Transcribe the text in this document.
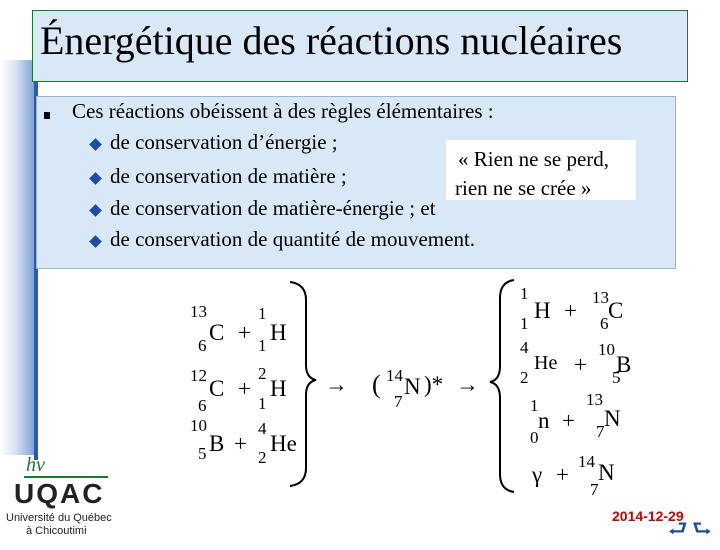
Énergétique des réactions nucléaires
Ces réactions obéissent à des règles élémentaires :
de conservation d’énergie ;
de conservation de matière ;
de conservation de matière-énergie ; et
de conservation de quantité de mouvement.
« Rien ne se perd,
rien ne se crée »
13
6
C +
1
1
H
12
6
C +
2
1
H
10
5 B +
4
2
He
→ ( 14
7
N )* →
1
1
H +
13
6
C
4
2
He +
10
5
B
1
0
n +
13
7
N
γ +
14
7
N
hν
UQAC
Université du Québec
à Chicoutimi
2014-12-29
⮐ ⮑
